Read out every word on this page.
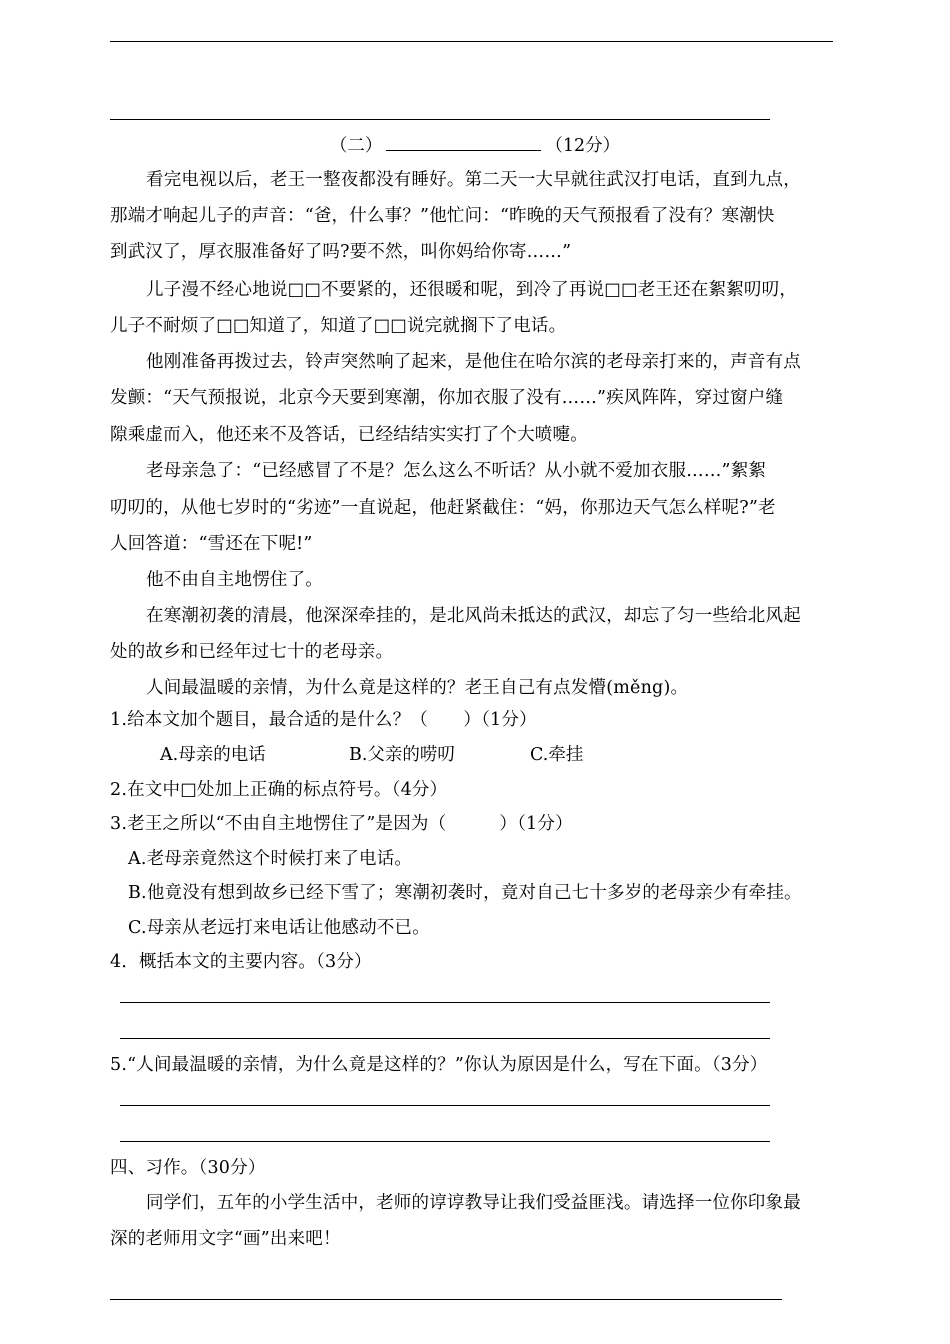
（二）	（12分）
看完电视以后，老王一整夜都没有睡好。第二天一大早就往武汉打电话，直到九点，
那端才响起儿子的声音：“爸，什么事？”他忙问：“昨晚的天气预报看了没有？寒潮快
到武汉了，厚衣服准备好了吗?要不然，叫你妈给你寄……”
儿子漫不经心地说□□不要紧的，还很暖和呢，到冷了再说□□老王还在絮絮叨叨，
儿子不耐烦了□□知道了，知道了□□说完就搁下了电话。
他刚准备再拨过去，铃声突然响了起来，是他住在哈尔滨的老母亲打来的，声音有点
发颤：“天气预报说，北京今天要到寒潮，你加衣服了没有……”疾风阵阵，穿过窗户缝
隙乘虚而入，他还来不及答话，已经结结实实打了个大喷嚏。
老母亲急了：“已经感冒了不是？怎么这么不听话？从小就不爱加衣服……”絮絮
叨叨的，从他七岁时的“劣迹”一直说起，他赶紧截住：“妈，你那边天气怎么样呢?”老
人回答道：“雪还在下呢!”
他不由自主地愣住了。
在寒潮初袭的清晨，他深深牵挂的，是北风尚未抵达的武汉，却忘了匀一些给北风起
处的故乡和已经年过七十的老母亲。
人间最温暖的亲情，为什么竟是这样的？老王自己有点发懵(měng)。
1.给本文加个题目，最合适的是什么？（　　）（1分）
A.母亲的电话	B.父亲的唠叨	C.牵挂
2.在文中□处加上正确的标点符号。（4分）
3.老王之所以“不由自主地愣住了”是因为（　　　）（1分）
A.老母亲竟然这个时候打来了电话。
B.他竟没有想到故乡已经下雪了；寒潮初袭时，竟对自己七十多岁的老母亲少有牵挂。
C.母亲从老远打来电话让他感动不已。
4．概括本文的主要内容。（3分）
5.“人间最温暖的亲情，为什么竟是这样的？”你认为原因是什么，写在下面。（3分）
四、习作。（30分）
同学们，五年的小学生活中，老师的谆谆教导让我们受益匪浅。请选择一位你印象最
深的老师用文字“画”出来吧！
